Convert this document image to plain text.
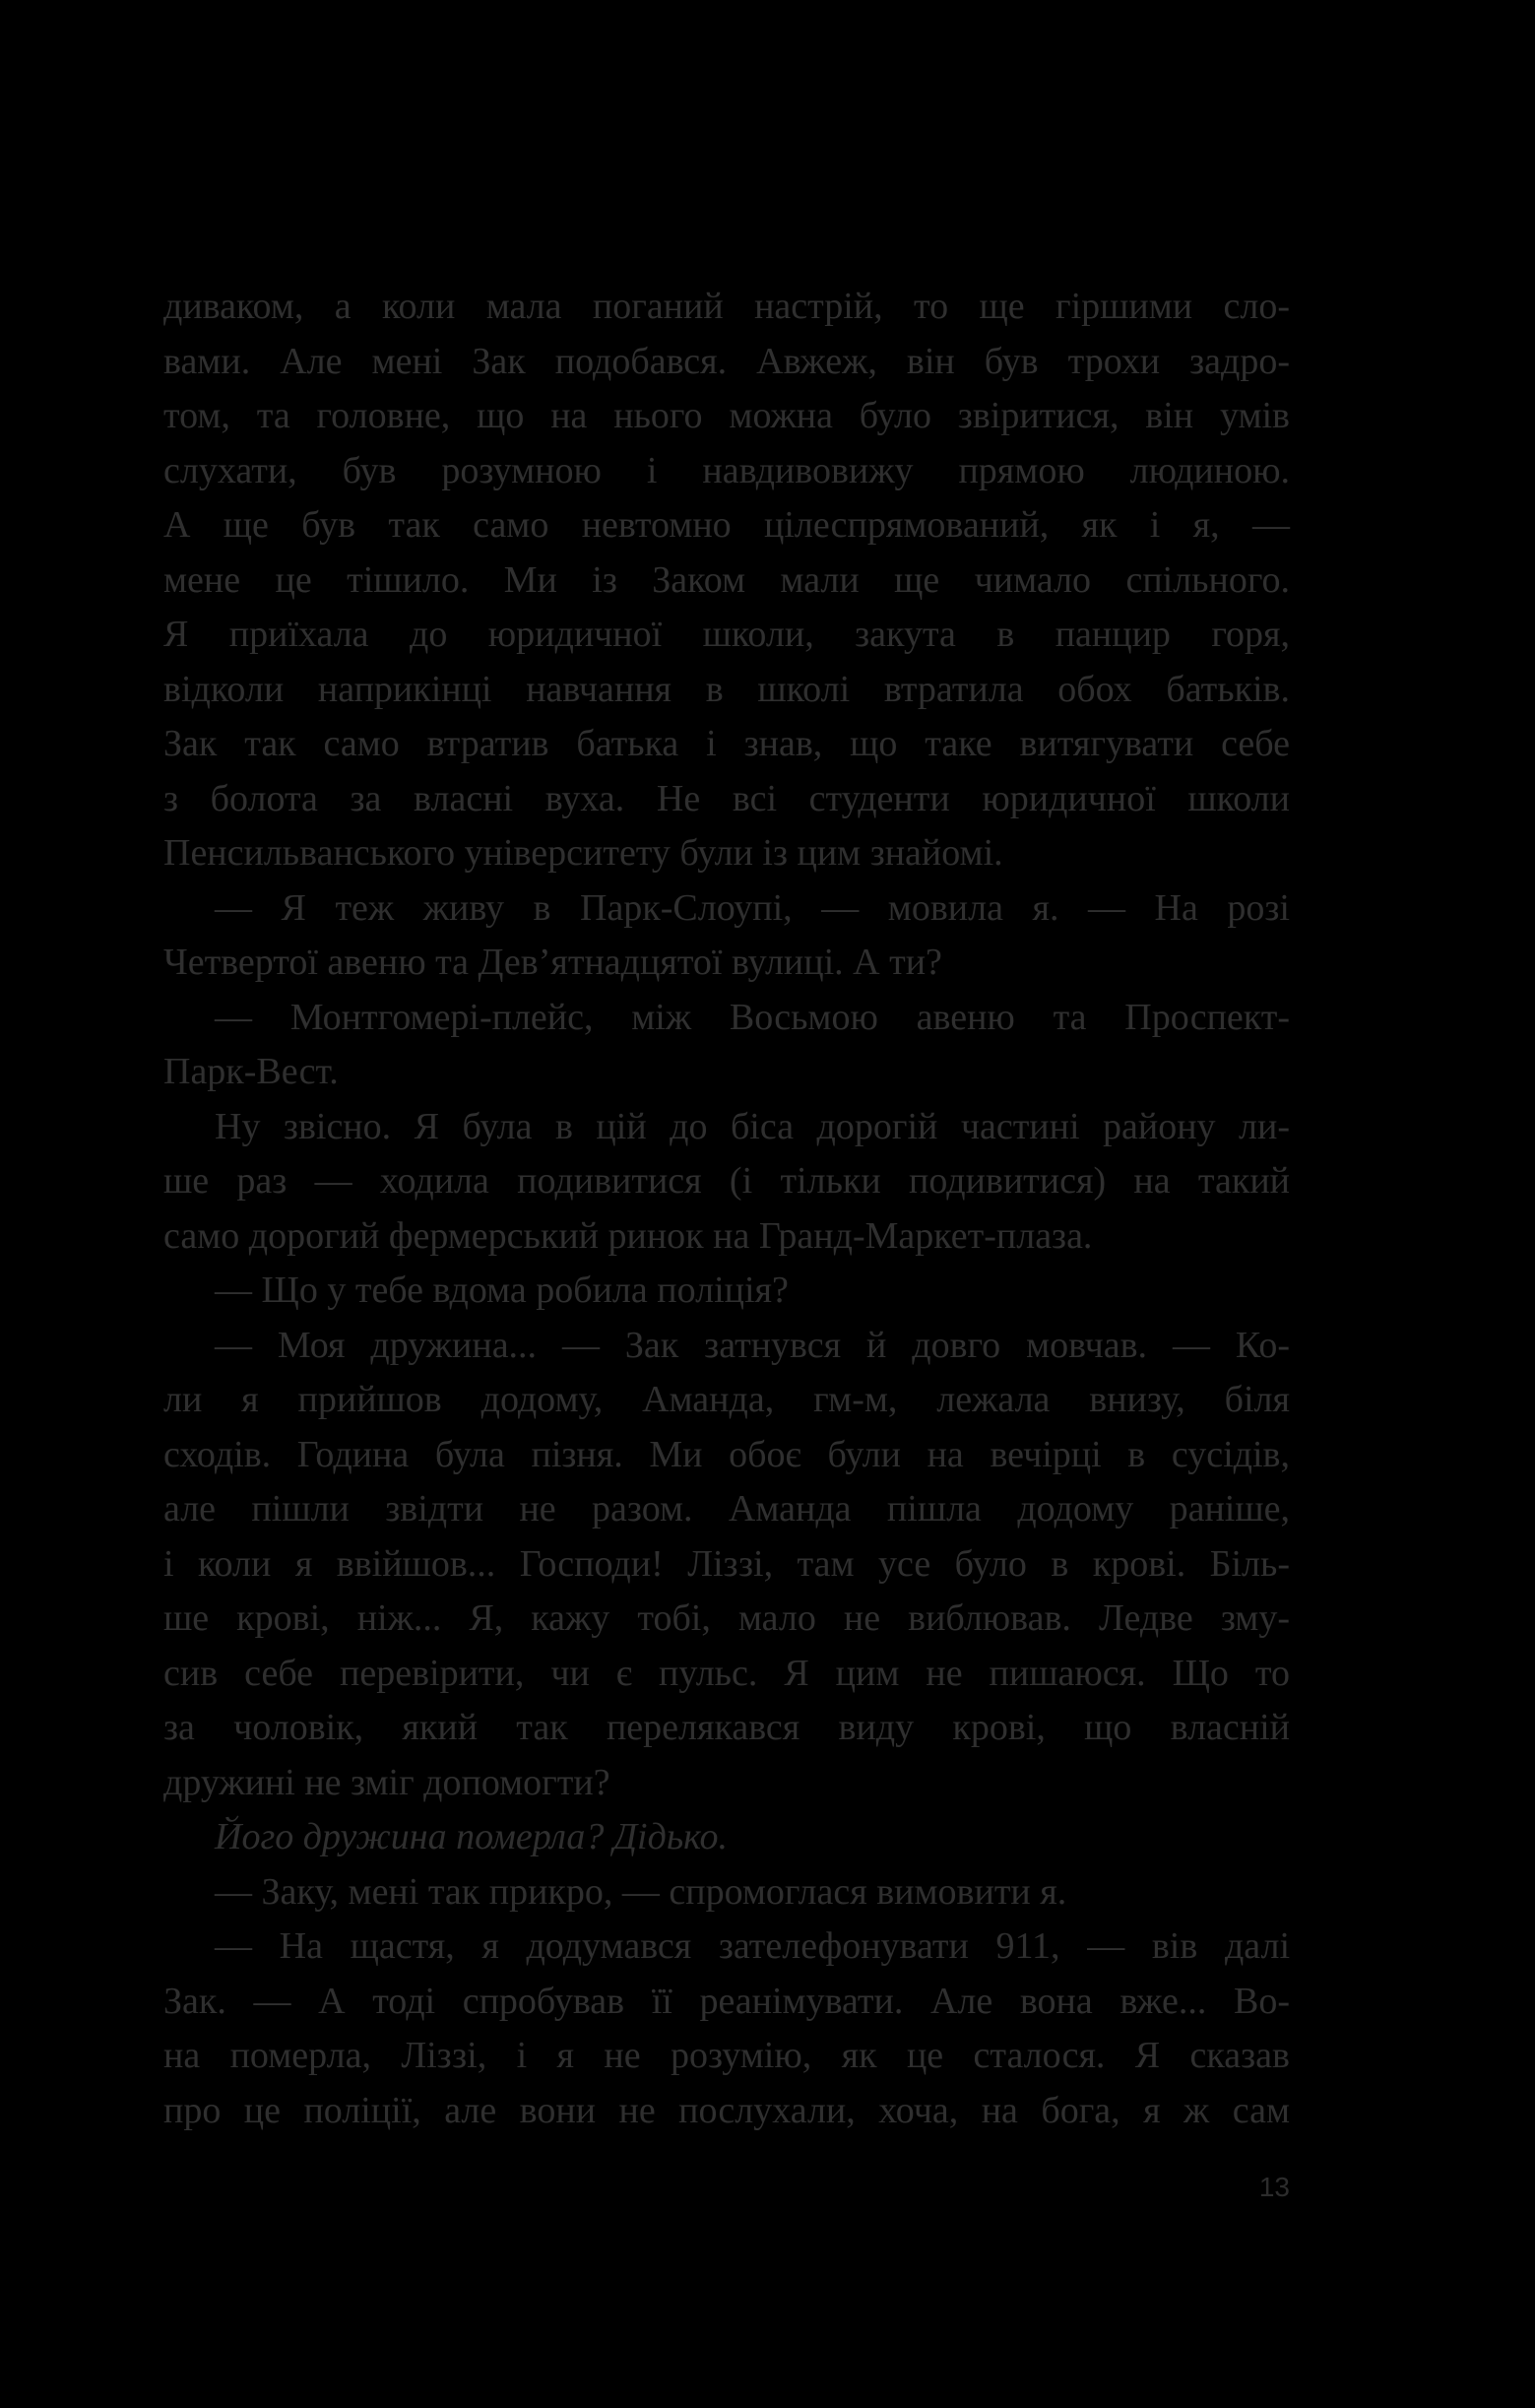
диваком, а коли мала поганий настрій, то ще гіршими сло-
вами. Але мені Зак подобався. Авжеж, він був трохи задро-
том, та головне, що на нього можна було звіритися, він умів
слухати, був розумною і навдивовижу прямою людиною.
А ще був так само невтомно цілеспрямований, як і я, —
мене це тішило. Ми із Заком мали ще чимало спільного.
Я приїхала до юридичної школи, закута в панцир горя,
відколи наприкінці навчання в школі втратила обох батьків.
Зак так само втратив батька і знав, що таке витягувати себе
з болота за власні вуха. Не всі студенти юридичної школи
Пенсильванського університету були із цим знайомі.
— Я теж живу в Парк-Слоупі, — мовила я. — На розі
Четвертої авеню та Дев’ятнадцятої вулиці. А ти?
— Монтгомері-плейс, між Восьмою авеню та Проспект-
Парк-Вест.
Ну звісно. Я була в цій до біса дорогій частині району ли-
ше раз — ходила подивитися (і тільки подивитися) на такий
само дорогий фермерський ринок на Гранд-Маркет-плаза.
— Що у тебе вдома робила поліція?
— Моя дружина... — Зак затнувся й довго мовчав. — Ко-
ли я прийшов додому, Аманда, гм-м, лежала внизу, біля
сходів. Година була пізня. Ми обоє були на вечірці в сусідів,
але пішли звідти не разом. Аманда пішла додому раніше,
і коли я ввійшов... Господи! Ліззі, там усе було в крові. Біль-
ше крові, ніж... Я, кажу тобі, мало не виблював. Ледве зму-
сив себе перевірити, чи є пульс. Я цим не пишаюся. Що то
за чоловік, який так перелякався виду крові, що власній
дружині не зміг допомогти?
Його дружина померла? Дідько.
— Заку, мені так прикро, — спромоглася вимовити я.
— На щастя, я додумався зателефонувати 911, — вів далі
Зак. — А тоді спробував її реанімувати. Але вона вже... Во-
на померла, Ліззі, і я не розумію, як це сталося. Я сказав
про це поліції, але вони не послухали, хоча, на бога, я ж сам
13
